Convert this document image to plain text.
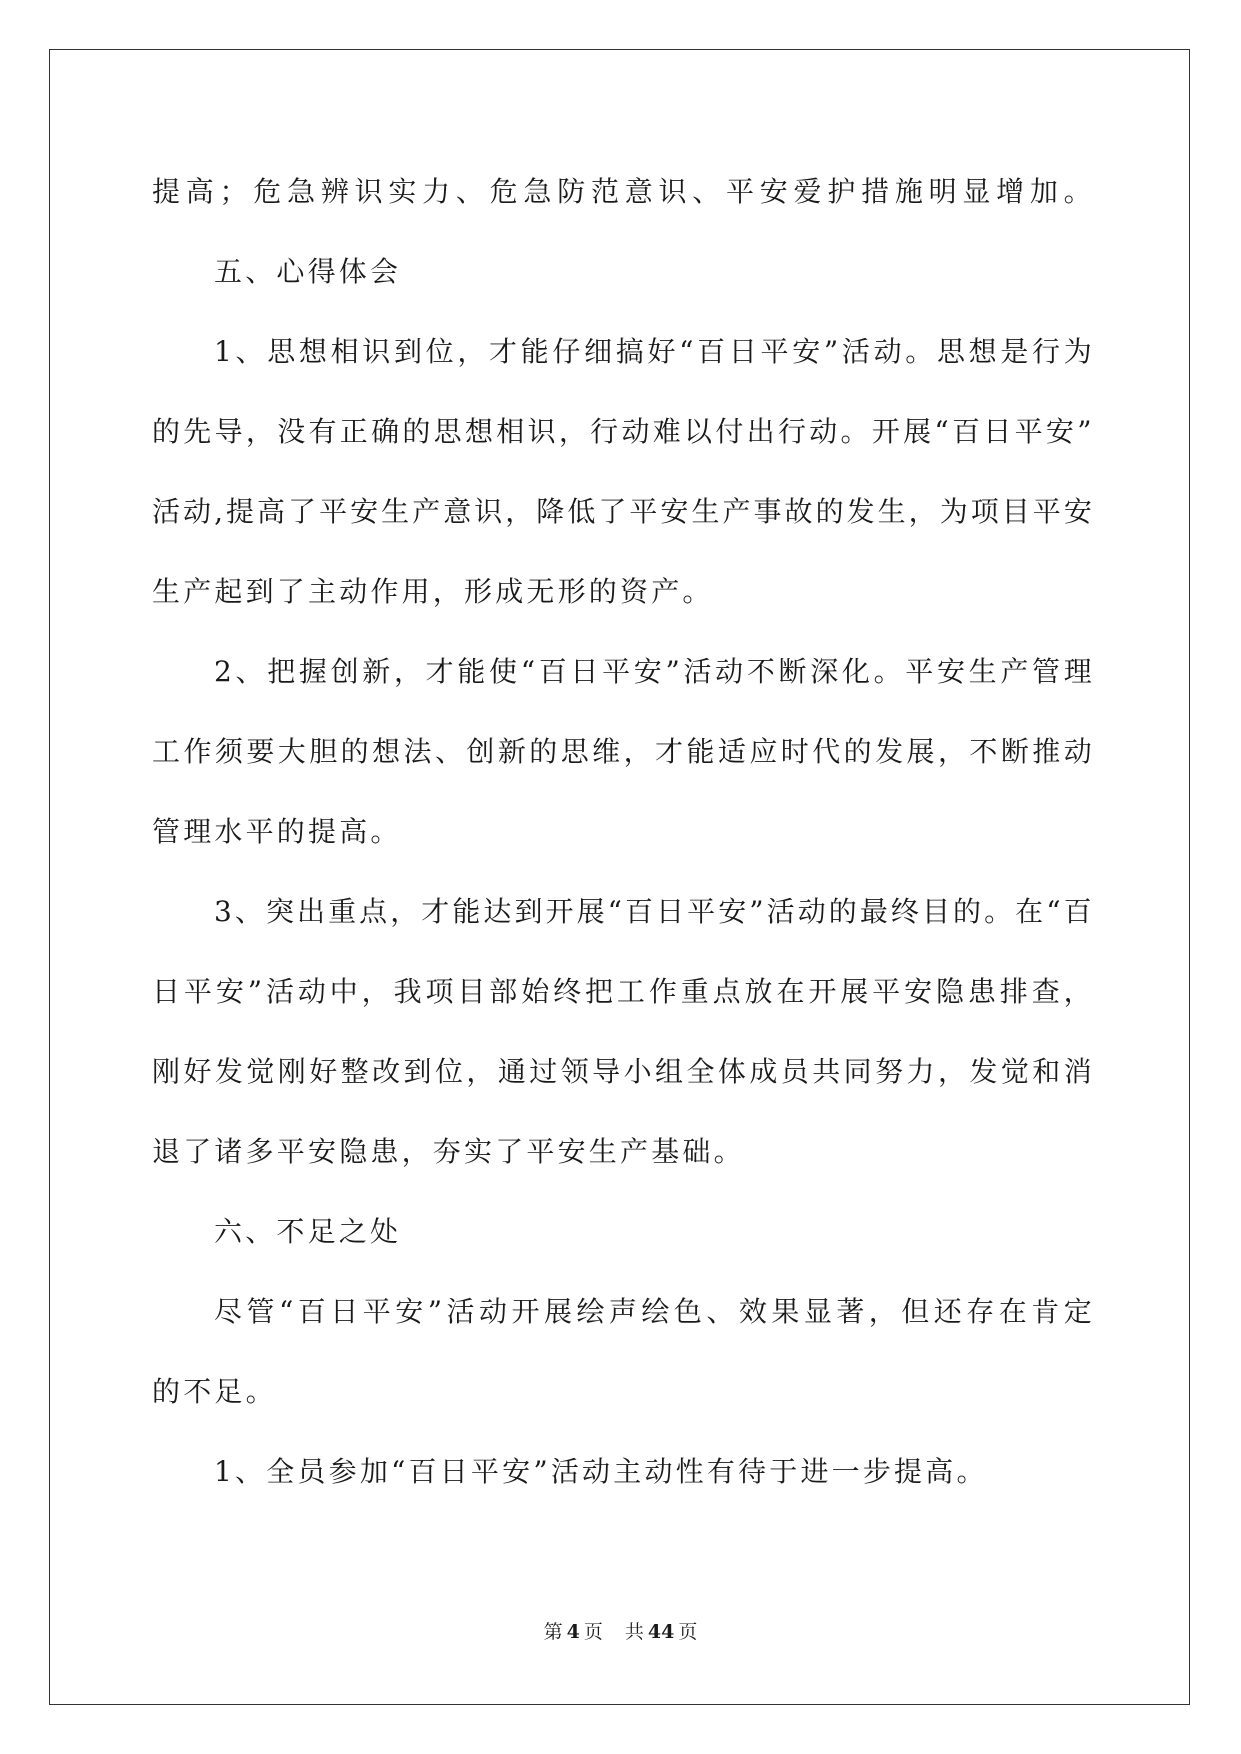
提 高 ； 危 急 辨 识 实 力 、 危 急 防 范 意 识 、 平 安 爱 护 措 施 明 显 增 加 。
五、心得体会
1 、 思 想 相 识 到 位 ， 才 能 仔 细 搞 好 “ 百 日 平 安 ” 活 动 。 思 想 是 行 为
的 先 导 ， 没 有 正 确 的 思 想 相 识 ， 行 动 难 以 付 出 行 动 。 开 展 “ 百 日 平 安 ”
活 动 , 提 高 了 平 安 生 产 意 识 ， 降 低 了 平 安 生 产 事 故 的 发 生 ， 为 项 目 平 安
生产起到了主动作用，形成无形的资产。
2 、 把 握 创 新 ， 才 能 使 “ 百 日 平 安 ” 活 动 不 断 深 化 。 平 安 生 产 管 理
工 作 须 要 大 胆 的 想 法 、 创 新 的 思 维 ， 才 能 适 应 时 代 的 发 展 ， 不 断 推 动
管理水平的提高。
3 、 突 出 重 点 ， 才 能 达 到 开 展 “ 百 日 平 安 ” 活 动 的 最 终 目 的 。 在 “ 百
日 平 安 ” 活 动 中 ， 我 项 目 部 始 终 把 工 作 重 点 放 在 开 展 平 安 隐 患 排 查 ，
刚 好 发 觉 刚 好 整 改 到 位 ， 通 过 领 导 小 组 全 体 成 员 共 同 努 力 ， 发 觉 和 消
退了诸多平安隐患，夯实了平安生产基础。
六、不足之处
尽 管 “ 百 日 平 安 ” 活 动 开 展 绘 声 绘 色 、 效 果 显 著 ， 但 还 存 在 肯 定
的不足。
1、全员参加“百日平安”活动主动性有待于进一步提高。
第 4 页 共 44 页
